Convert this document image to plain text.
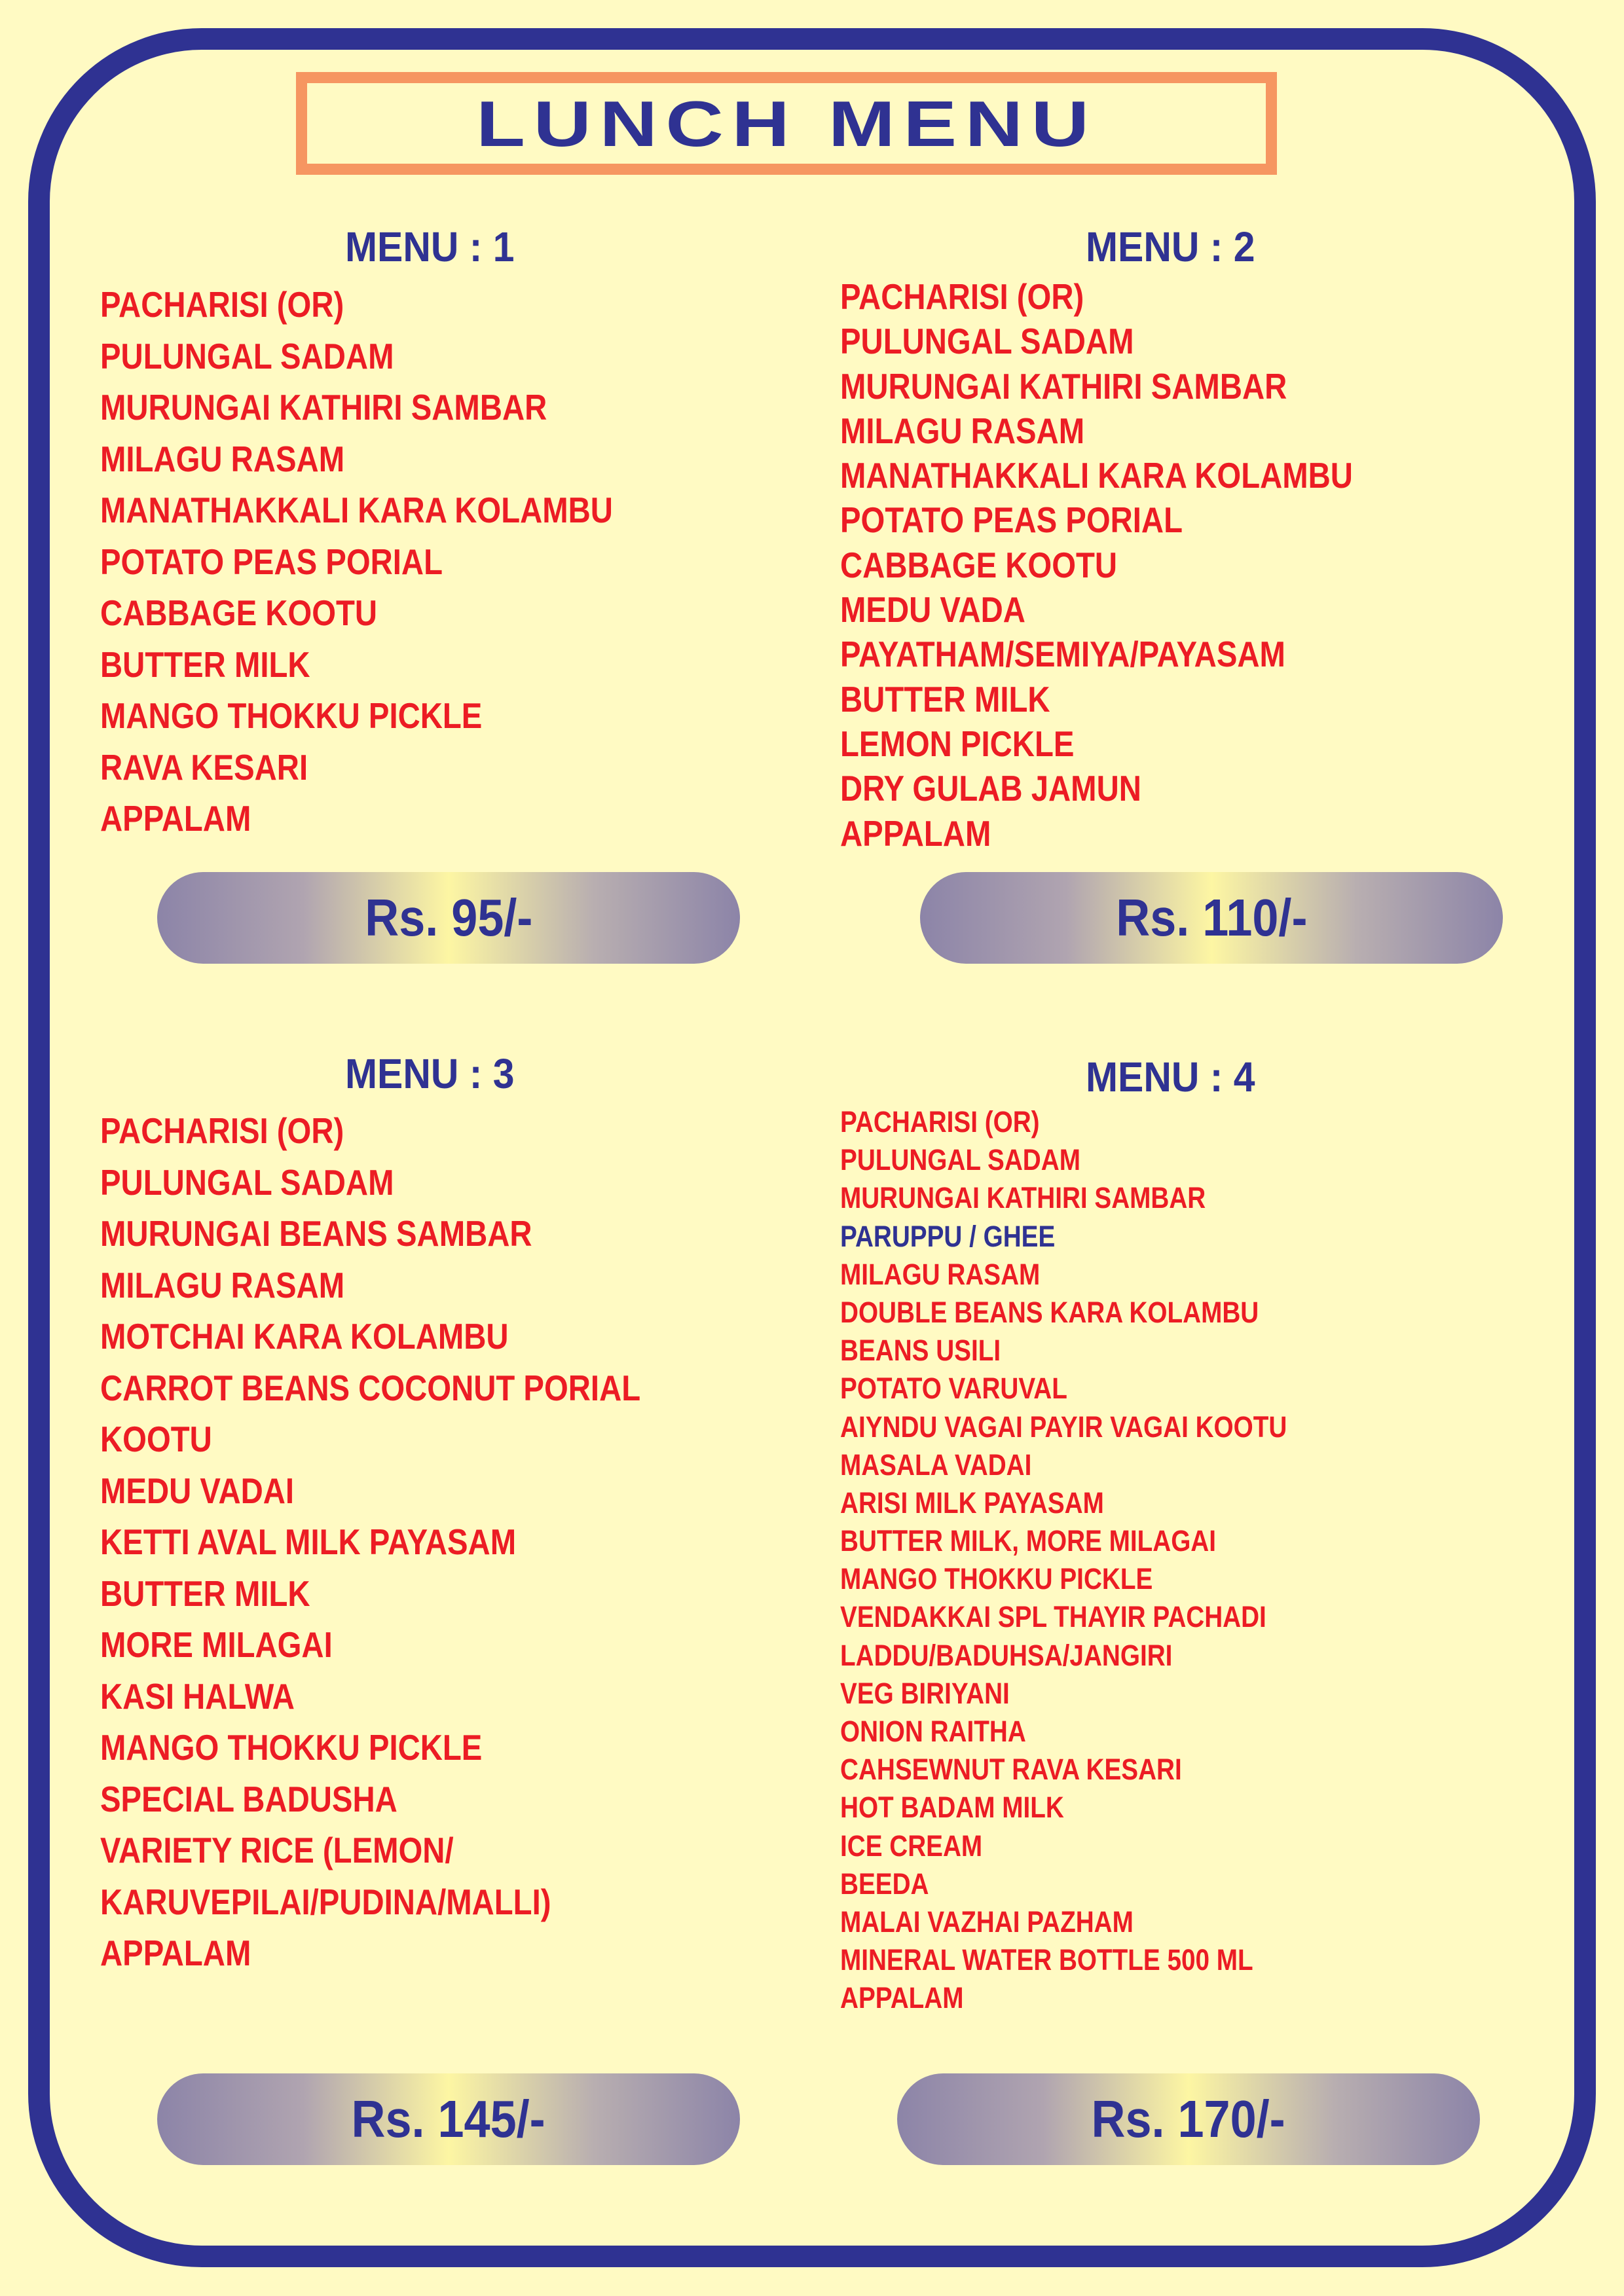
LUNCH MENU
MENU : 1
PACHARISI (OR)
PULUNGAL SADAM
MURUNGAI KATHIRI SAMBAR
MILAGU RASAM
MANATHAKKALI KARA KOLAMBU
POTATO PEAS PORIAL
CABBAGE KOOTU
BUTTER MILK
MANGO THOKKU PICKLE
RAVA KESARI
APPALAM
Rs. 95/-
MENU : 2
PACHARISI (OR)
PULUNGAL SADAM
MURUNGAI KATHIRI SAMBAR
MILAGU RASAM
MANATHAKKALI KARA KOLAMBU
POTATO PEAS PORIAL
CABBAGE KOOTU
MEDU VADA
PAYATHAM/SEMIYA/PAYASAM
BUTTER MILK
LEMON PICKLE
DRY GULAB JAMUN
APPALAM
Rs. 110/-
MENU : 3
PACHARISI (OR)
PULUNGAL SADAM
MURUNGAI BEANS SAMBAR
MILAGU RASAM
MOTCHAI KARA KOLAMBU
CARROT BEANS COCONUT PORIAL
KOOTU
MEDU VADAI
KETTI AVAL MILK PAYASAM
BUTTER MILK
MORE MILAGAI
KASI HALWA
MANGO THOKKU PICKLE
SPECIAL BADUSHA
VARIETY RICE (LEMON/
KARUVEPILAI/PUDINA/MALLI)
APPALAM
Rs. 145/-
MENU : 4
PACHARISI (OR)
PULUNGAL SADAM
MURUNGAI KATHIRI SAMBAR
PARUPPU / GHEE
MILAGU RASAM
DOUBLE BEANS KARA KOLAMBU
BEANS USILI
POTATO VARUVAL
AIYNDU VAGAI PAYIR VAGAI KOOTU
MASALA VADAI
ARISI MILK PAYASAM
BUTTER MILK, MORE MILAGAI
MANGO THOKKU PICKLE
VENDAKKAI SPL THAYIR PACHADI
LADDU/BADUHSA/JANGIRI
VEG BIRIYANI
ONION RAITHA
CAHSEWNUT RAVA KESARI
HOT BADAM MILK
ICE CREAM
BEEDA
MALAI VAZHAI PAZHAM
MINERAL WATER BOTTLE 500 ML
APPALAM
Rs. 170/-
